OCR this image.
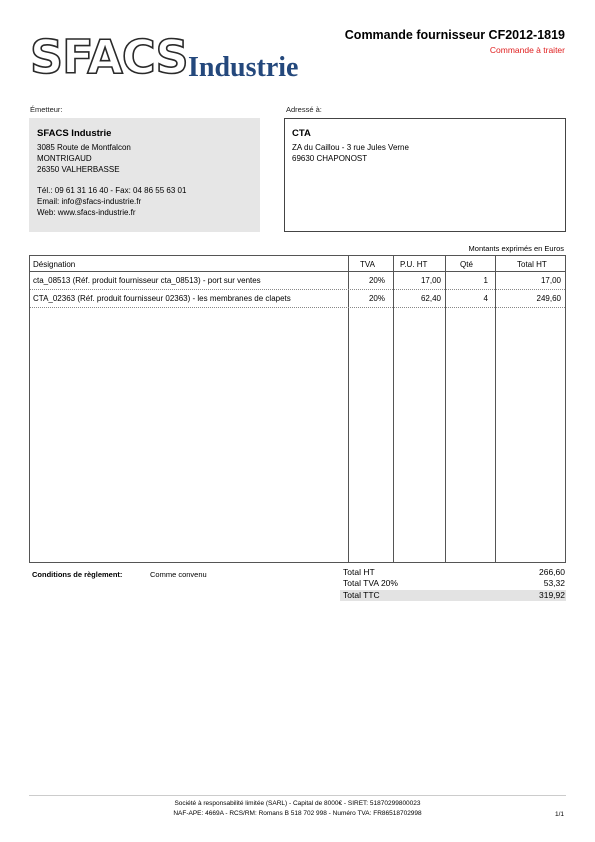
SFACS Industrie
Commande fournisseur CF2012-1819
Commande à traiter
Émetteur:	Adressé à:
SFACS Industrie
3085 Route de Montfalcon
MONTRIGAUD
26350 VALHERBASSE
Tél.: 09 61 31 16 40 - Fax: 04 86 55 63 01
Email: info@sfacs-industrie.fr
Web: www.sfacs-industrie.fr
CTA
ZA du Caillou - 3 rue Jules Verne
69630 CHAPONOST
Montants exprimés en Euros
Désignation	TVA	P.U. HT	Qté	Total HT
cta_08513 (Réf. produit fournisseur cta_08513) - port sur ventes	20%	17,00	1	17,00
CTA_02363 (Réf. produit fournisseur 02363) - les membranes de clapets	20%	62,40	4	249,60
Conditions de règlement:	Comme convenu	Total HT	266,60
Total TVA 20%	53,32
Total TTC	319,92
Société à responsabilité limitée (SARL) - Capital de 8000€ - SIRET: 51870299800023
NAF-APE: 4669A - RCS/RM: Romans B 518 702 998 - Numéro TVA: FR86518702998	1/1
